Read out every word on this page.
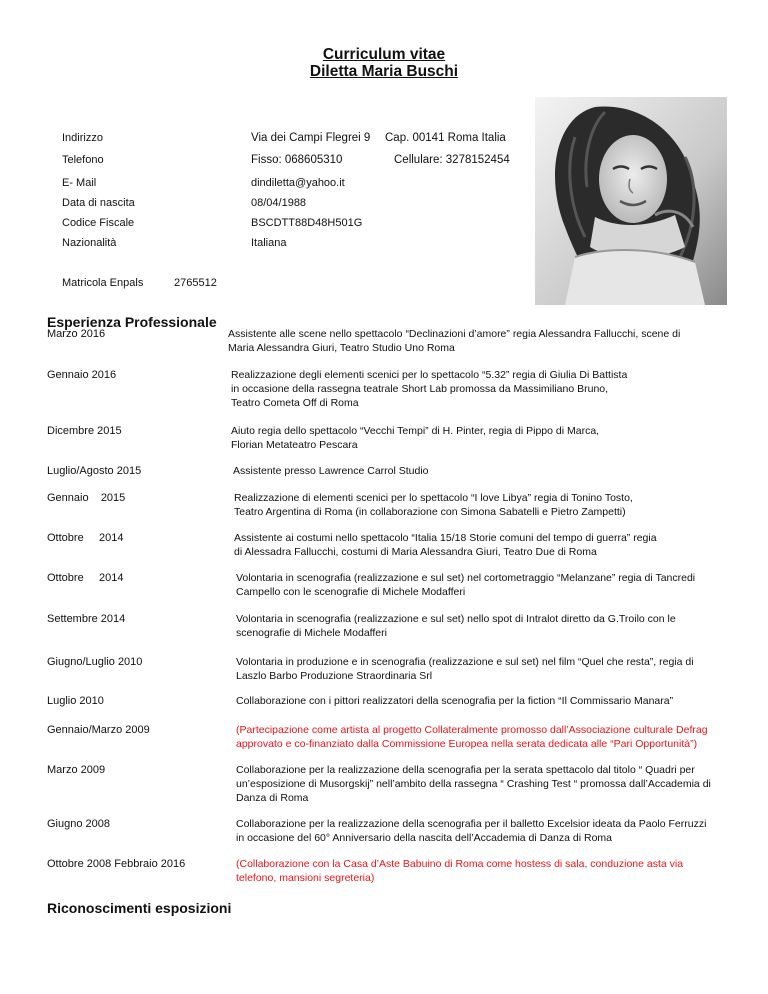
Curriculum vitae
Diletta Maria Buschi
Indirizzo	Via dei Campi Flegrei 9 Cap. 00141 Roma Italia
Telefono	Fisso: 068605310	Cellulare: 3278152454
E- Mail	dindiletta@yahoo.it
Data di nascita	08/04/1988
Codice Fiscale	BSCDTT88D48H501G
Nazionalità	Italiana
Matricola Enpals	2765512
Esperienza Professionale
Marzo 2016	Assistente alle scene nello spettacolo “Declinazioni d’amore” regia Alessandra Fallucchi, scene di
Maria Alessandra Giuri, Teatro Studio Uno Roma
Gennaio 2016	Realizzazione degli elementi scenici per lo spettacolo “5.32” regia di Giulia Di Battista
in occasione della rassegna teatrale Short Lab promossa da Massimiliano Bruno,
Teatro Cometa Off di Roma
Dicembre 2015	Aiuto regia dello spettacolo “Vecchi Tempi” di H. Pinter, regia di Pippo di Marca,
Florian Metateatro Pescara
Luglio/Agosto 2015	Assistente presso Lawrence Carrol Studio
Gennaio    2015	Realizzazione di elementi scenici per lo spettacolo “I love Libya” regia di Tonino Tosto,
Teatro Argentina di Roma (in collaborazione con Simona Sabatelli e Pietro Zampetti)
Ottobre     2014	Assistente ai costumi nello spettacolo “Italia 15/18 Storie comuni del tempo di guerra” regia
di Alessadra Fallucchi, costumi di Maria Alessandra Giuri, Teatro Due di Roma
Ottobre     2014	Volontaria in scenografia (realizzazione e sul set) nel cortometraggio “Melanzane” regia di Tancredi
Campello con le scenografie di Michele Modafferi
Settembre 2014	Volontaria in scenografia (realizzazione e sul set) nello spot di Intralot diretto da G.Troilo con le
scenografie di Michele Modafferi
Giugno/Luglio 2010	Volontaria in produzione e in scenografia (realizzazione e sul set) nel film “Quel che resta”, regia di
Laszlo Barbo Produzione Straordinaria Srl
Luglio 2010	Collaborazione con i pittori realizzatori della scenografia per la fiction “Il Commissario Manara”
Gennaio/Marzo 2009	(Partecipazione come artista al progetto Collateralmente promosso dall’Associazione culturale Defrag
approvato e co-finanziato dalla Commissione Europea nella serata dedicata alle “Pari Opportunità”)
Marzo 2009	Collaborazione per la realizzazione della scenografia per la serata spettacolo dal titolo “ Quadri per
un’esposizione di Musorgskij” nell’ambito della rassegna “ Crashing Test “ promossa dall’Accademia di
Danza di Roma
Giugno 2008	Collaborazione per la realizzazione della scenografia per il balletto Excelsior ideata da Paolo Ferruzzi
in occasione del 60° Anniversario della nascita dell’Accademia di Danza di Roma
Ottobre 2008 Febbraio 2016	(Collaborazione con la Casa d’Aste Babuino di Roma come hostess di sala, conduzione asta via
telefono, mansioni segreteria)
Riconoscimenti esposizioni
